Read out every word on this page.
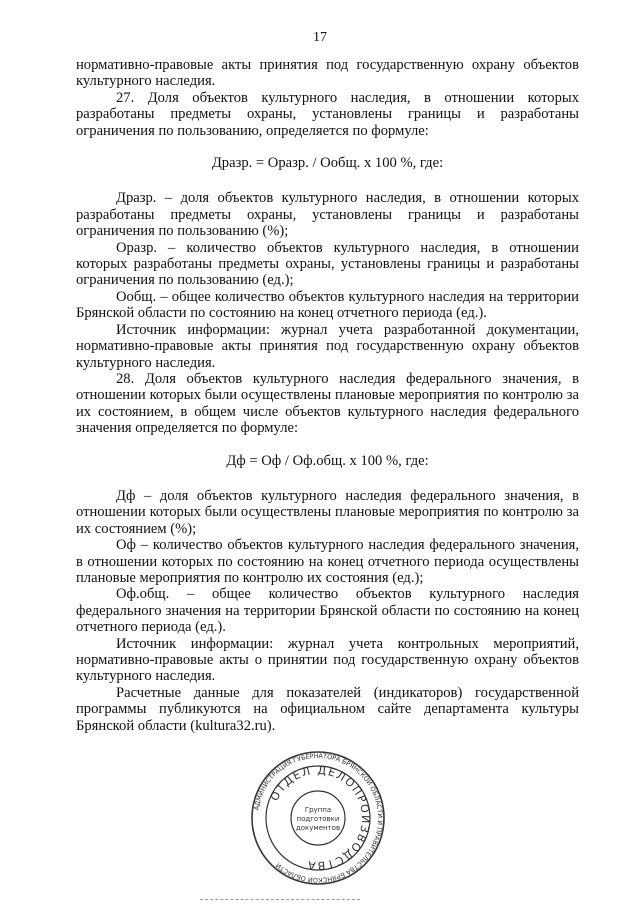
17

нормативно-правовые акты принятия под государственную охрану объектов культурного наследия.

27. Доля объектов культурного наследия, в отношении которых разработаны предметы охраны, установлены границы и разработаны ограничения по пользованию, определяется по формуле:

Дразр. = Оразр. / Ообщ. х 100 %, где:

Дразр. – доля объектов культурного наследия, в отношении которых разработаны предметы охраны, установлены границы и разработаны ограничения по пользованию (%);

Оразр. – количество объектов культурного наследия, в отношении которых разработаны предметы охраны, установлены границы и разработаны ограничения по пользованию (ед.);

Ообщ. – общее количество объектов культурного наследия на территории Брянской области по состоянию на конец отчетного периода (ед.).

Источник информации: журнал учета разработанной документации, нормативно-правовые акты принятия под государственную охрану объектов культурного наследия.

28. Доля объектов культурного наследия федерального значения, в отношении которых были осуществлены плановые мероприятия по контролю за их состоянием, в общем числе объектов культурного наследия федерального значения определяется по формуле:

Дф = Оф / Оф.общ. х 100 %, где:

Дф – доля объектов культурного наследия федерального значения, в отношении которых были осуществлены плановые мероприятия по контролю за их состоянием (%);

Оф – количество объектов культурного наследия федерального значения, в отношении которых по состоянию на конец отчетного периода осуществлены плановые мероприятия по контролю их состояния (ед.);

Оф.общ. – общее количество объектов культурного наследия федерального значения на территории Брянской области по состоянию на конец отчетного периода (ед.).

Источник информации: журнал учета контрольных мероприятий, нормативно-правовые акты о принятии под государственную охрану объектов культурного наследия.

Расчетные данные для показателей (индикаторов) государственной программы публикуются на официальном сайте департамента культуры Брянской области (kultura32.ru).

АДМИНИСТРАЦИЯ ГУБЕРНАТОРА БРЯНСКОЙ ОБЛАСТИ И ПРАВИТЕЛЬСТВА БРЯНСКОЙ ОБЛАСТИ
ОТДЕЛ ДЕЛОПРОИЗВОДСТВА
Группа
подготовки
документов
